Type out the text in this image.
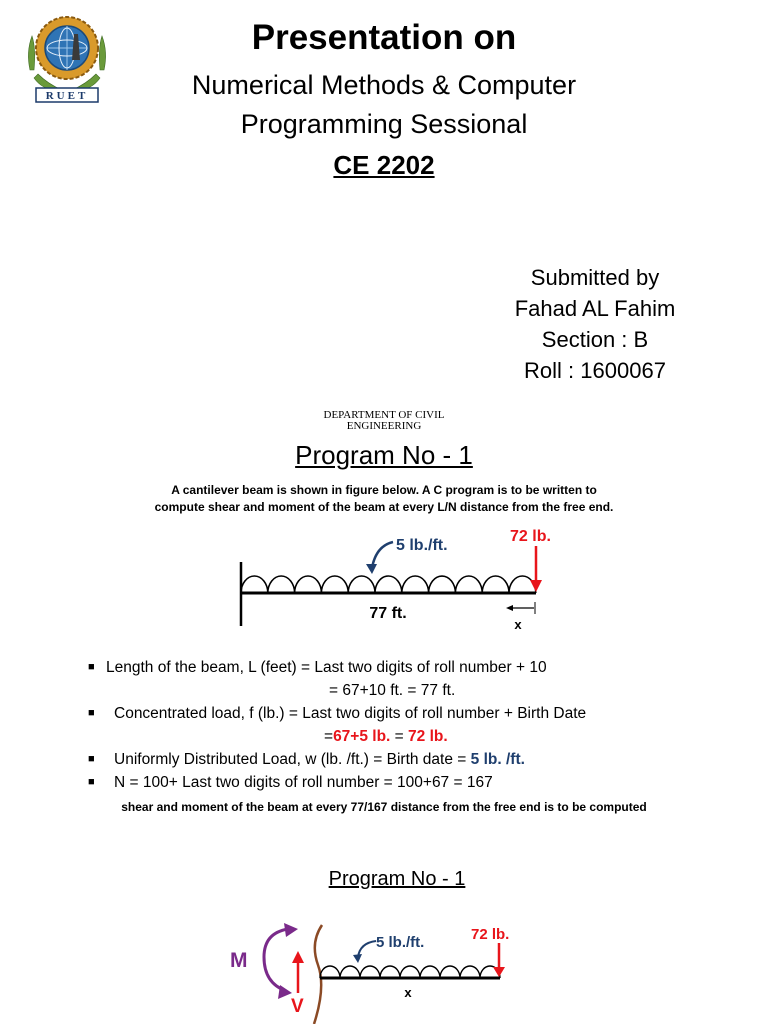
RUET
Presentation on
Numerical Methods & Computer
Programming Sessional
CE 2202
Submitted by
Fahad AL Fahim
Section : B
Roll : 1600067
DEPARTMENT OF CIVIL
ENGINEERING
Program No - 1
A cantilever beam is shown in figure below. A C program is to be written to
compute shear and moment of the beam at every L/N distance from the free end.
5 lb./ft.
72 lb.
77 ft.
x
■ Length of the beam, L (feet) = Last two digits of roll number + 10
= 67+10 ft. = 77 ft.
■ Concentrated load, f (lb.) = Last two digits of roll number + Birth Date
=67+5 lb. = 72 lb.
■ Uniformly Distributed Load, w (lb. /ft.) = Birth date = 5 lb. /ft.
■ N = 100+ Last two digits of roll number = 100+67 = 167
shear and moment of the beam at every 77/167 distance from the free end is to be computed
Program No - 1
M
V
5 lb./ft.	72 lb.
x
